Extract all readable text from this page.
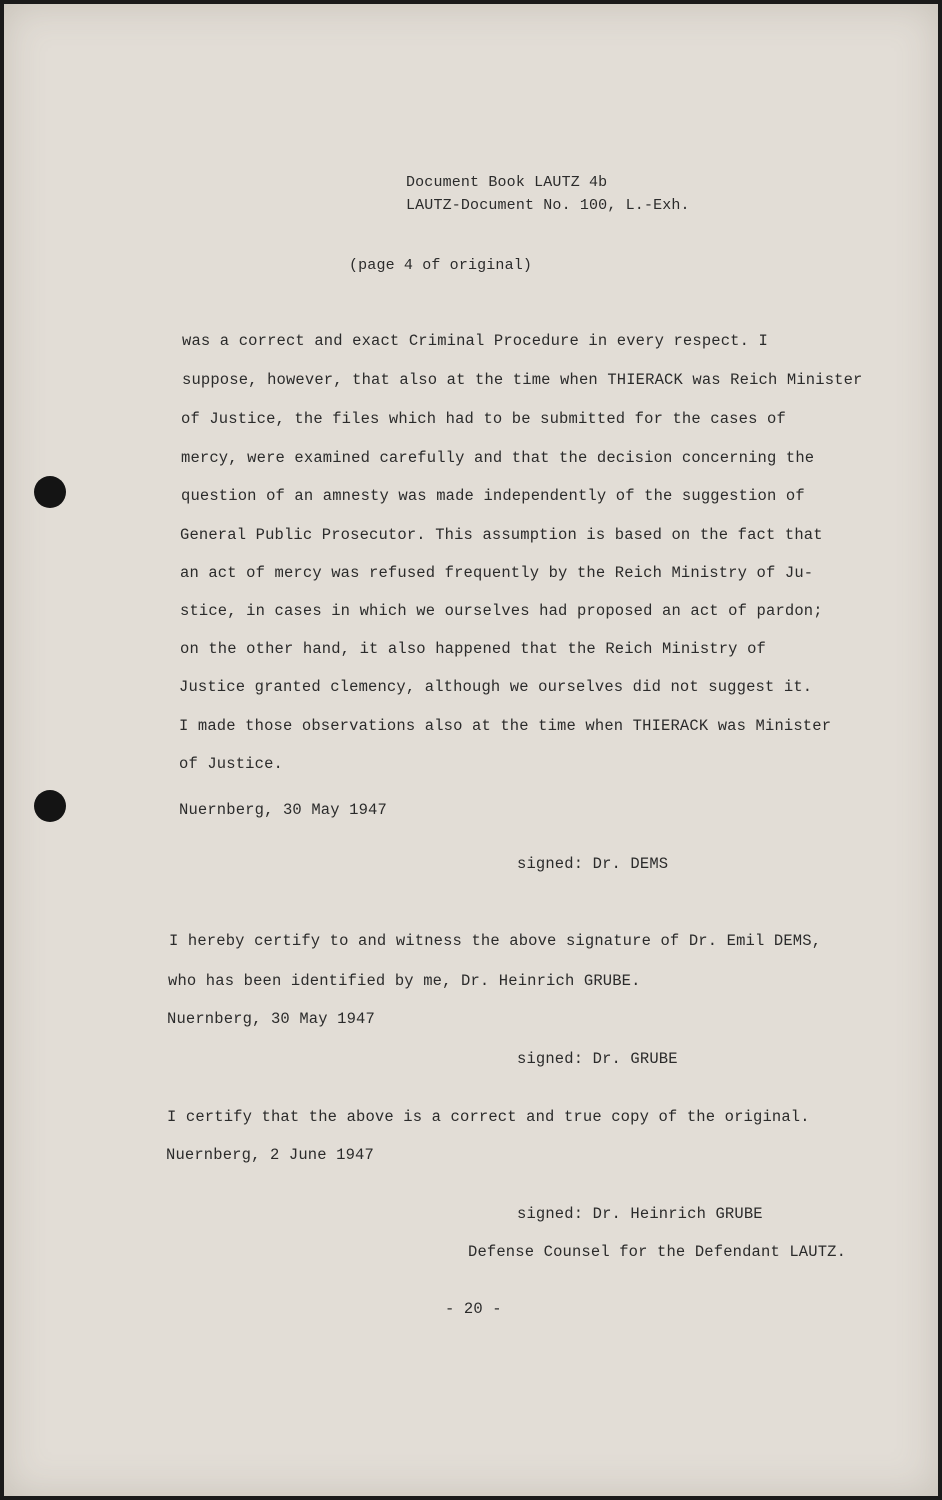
Document Book LAUTZ 4b
LAUTZ-Document No. 100, L.-Exh.
(page 4 of original)
was a correct and exact Criminal Procedure in every respect. I
suppose, however, that also at the time when THIERACK was Reich Minister
of Justice, the files which had to be submitted for the cases of
mercy, were examined carefully and that the decision concerning the
question of an amnesty was made independently of the suggestion of
General Public Prosecutor. This assumption is based on the fact that
an act of mercy was refused frequently by the Reich Ministry of Ju-
stice, in cases in which we ourselves had proposed an act of pardon;
on the other hand, it also happened that the Reich Ministry of
Justice granted clemency, although we ourselves did not suggest it.
I made those observations also at the time when THIERACK was Minister
of Justice.
Nuernberg, 30 May 1947
signed: Dr. DEMS
I hereby certify to and witness the above signature of Dr. Emil DEMS,
who has been identified by me, Dr. Heinrich GRUBE.
Nuernberg, 30 May 1947
signed: Dr. GRUBE
I certify that the above is a correct and true copy of the original.
Nuernberg, 2 June 1947
signed: Dr. Heinrich GRUBE
Defense Counsel for the Defendant LAUTZ.
- 20 -
